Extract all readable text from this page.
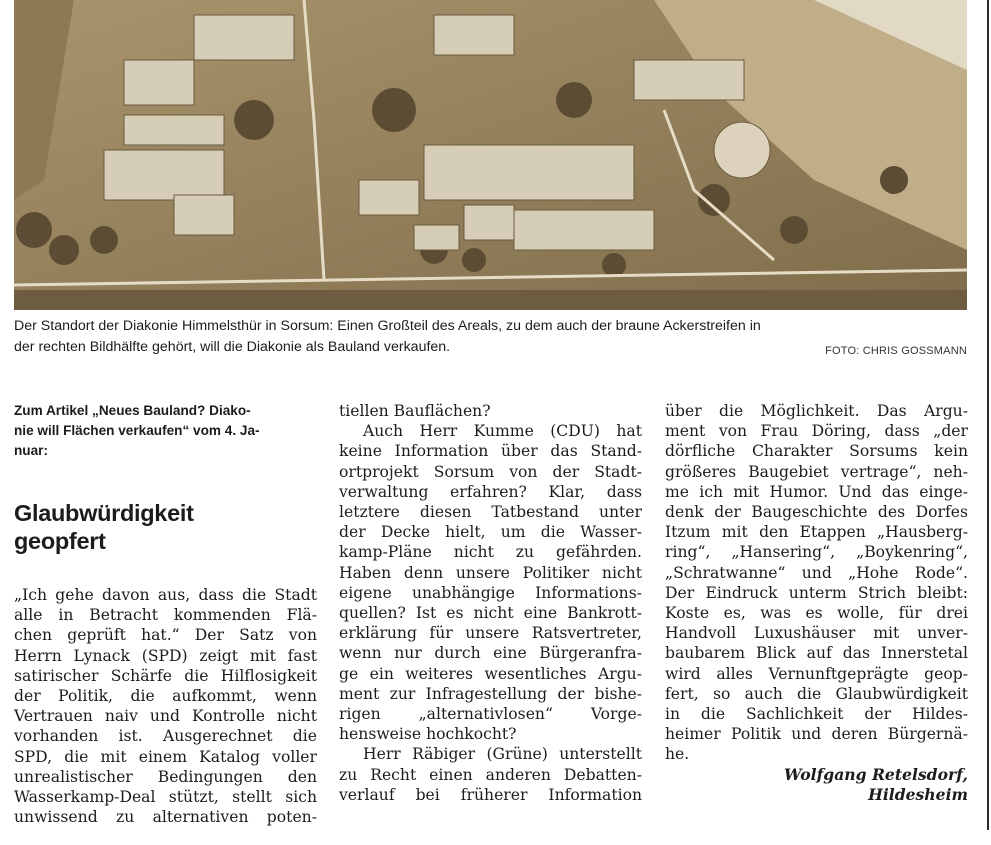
Der Standort der Diakonie Himmelsthür in Sorsum: Einen Großteil des Areals, zu dem auch der braune Ackerstreifen in
der rechten Bildhälfte gehört, will die Diakonie als Bauland verkaufen.	FOTO: CHRIS GOSSMANN
Zum Artikel „Neues Bauland? Diako-
nie will Flächen verkaufen“ vom 4. Ja-
nuar:
Glaubwürdigkeit
geopfert
„Ich gehe davon aus, dass die Stadt
alle in Betracht kommenden Flä-
chen geprüft hat.“ Der Satz von
Herrn Lynack (SPD) zeigt mit fast
satirischer Schärfe die Hilflosigkeit
der Politik, die aufkommt, wenn
Vertrauen naiv und Kontrolle nicht
vorhanden ist. Ausgerechnet die
SPD, die mit einem Katalog voller
unrealistischer Bedingungen den
Wasserkamp-Deal stützt, stellt sich
unwissend zu alternativen poten-
tiellen Bauflächen?
Auch Herr Kumme (CDU) hat
keine Information über das Stand-
ortprojekt Sorsum von der Stadt-
verwaltung erfahren? Klar, dass
letztere diesen Tatbestand unter
der Decke hielt, um die Wasser-
kamp-Pläne nicht zu gefährden.
Haben denn unsere Politiker nicht
eigene unabhängige Informations-
quellen? Ist es nicht eine Bankrott-
erklärung für unsere Ratsvertreter,
wenn nur durch eine Bürgeranfra-
ge ein weiteres wesentliches Argu-
ment zur Infragestellung der bishe-
rigen „alternativlosen“ Vorge-
hensweise hochkocht?
Herr Räbiger (Grüne) unterstellt
zu Recht einen anderen Debatten-
verlauf bei früherer Information
über die Möglichkeit. Das Argu-
ment von Frau Döring, dass „der
dörfliche Charakter Sorsums kein
größeres Baugebiet vertrage“, neh-
me ich mit Humor. Und das einge-
denk der Baugeschichte des Dorfes
Itzum mit den Etappen „Hausberg-
ring“, „Hansering“, „Boykenring“,
„Schratwanne“ und „Hohe Rode“.
Der Eindruck unterm Strich bleibt:
Koste es, was es wolle, für drei
Handvoll Luxushäuser mit unver-
baubarem Blick auf das Innerstetal
wird alles Vernunftgeprägte geop-
fert, so auch die Glaubwürdigkeit
in die Sachlichkeit der Hildes-
heimer Politik und deren Bürgernä-
he.
Wolfgang Retelsdorf,
Hildesheim
